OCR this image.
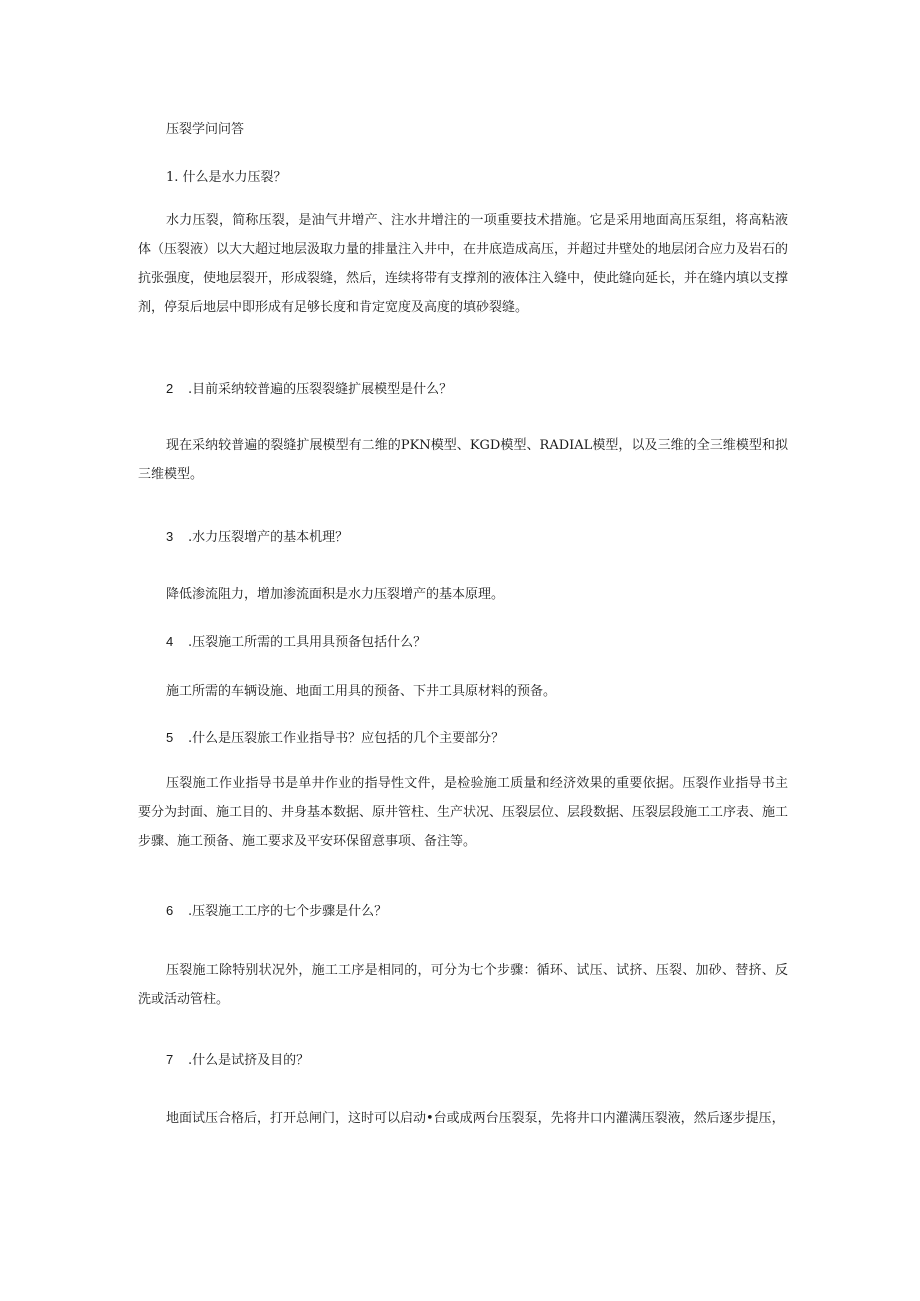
压裂学问问答
1. 什么是水力压裂？
水力压裂，简称压裂，是油气井增产、注水井增注的一项重要技术措施。它是采用地面高压泵组，将高粘液体（压裂液）以大大超过地层汲取力量的排量注入井中，在井底造成高压，并超过井壁处的地层闭合应力及岩石的抗张强度，使地层裂开，形成裂缝，然后，连续将带有支撑剂的液体注入缝中，使此缝向延长，并在缝内填以支撑剂，停泵后地层中即形成有足够长度和肯定宽度及高度的填砂裂缝。
2 .目前采纳较普遍的压裂裂缝扩展模型是什么？
现在采纳较普遍的裂缝扩展模型有二维的PKN模型、KGD模型、RADIAL模型，以及三维的全三维模型和拟三维模型。
3 .水力压裂增产的基本机理？
降低渗流阻力，增加渗流面积是水力压裂增产的基本原理。
4 .压裂施工所需的工具用具预备包括什么？
施工所需的车辆设施、地面工用具的预备、下井工具原材料的预备。
5 .什么是压裂旅工作业指导书？应包括的几个主要部分？
压裂施工作业指导书是单井作业的指导性文件，是检验施工质量和经济效果的重要依据。压裂作业指导书主要分为封面、施工目的、井身基本数据、原井管柱、生产状况、压裂层位、层段数据、压裂层段施工工序表、施工步骤、施工预备、施工要求及平安环保留意事项、备注等。
6 .压裂施工工序的七个步骤是什么？
压裂施工除特别状况外，施工工序是相同的，可分为七个步骤：循环、试压、试挤、压裂、加砂、替挤、反洗或活动管柱。
7 .什么是试挤及目的？
地面试压合格后，打开总闸门，这时可以启动•台或成两台压裂泵，先将井口内灌满压裂液，然后逐步提压，
